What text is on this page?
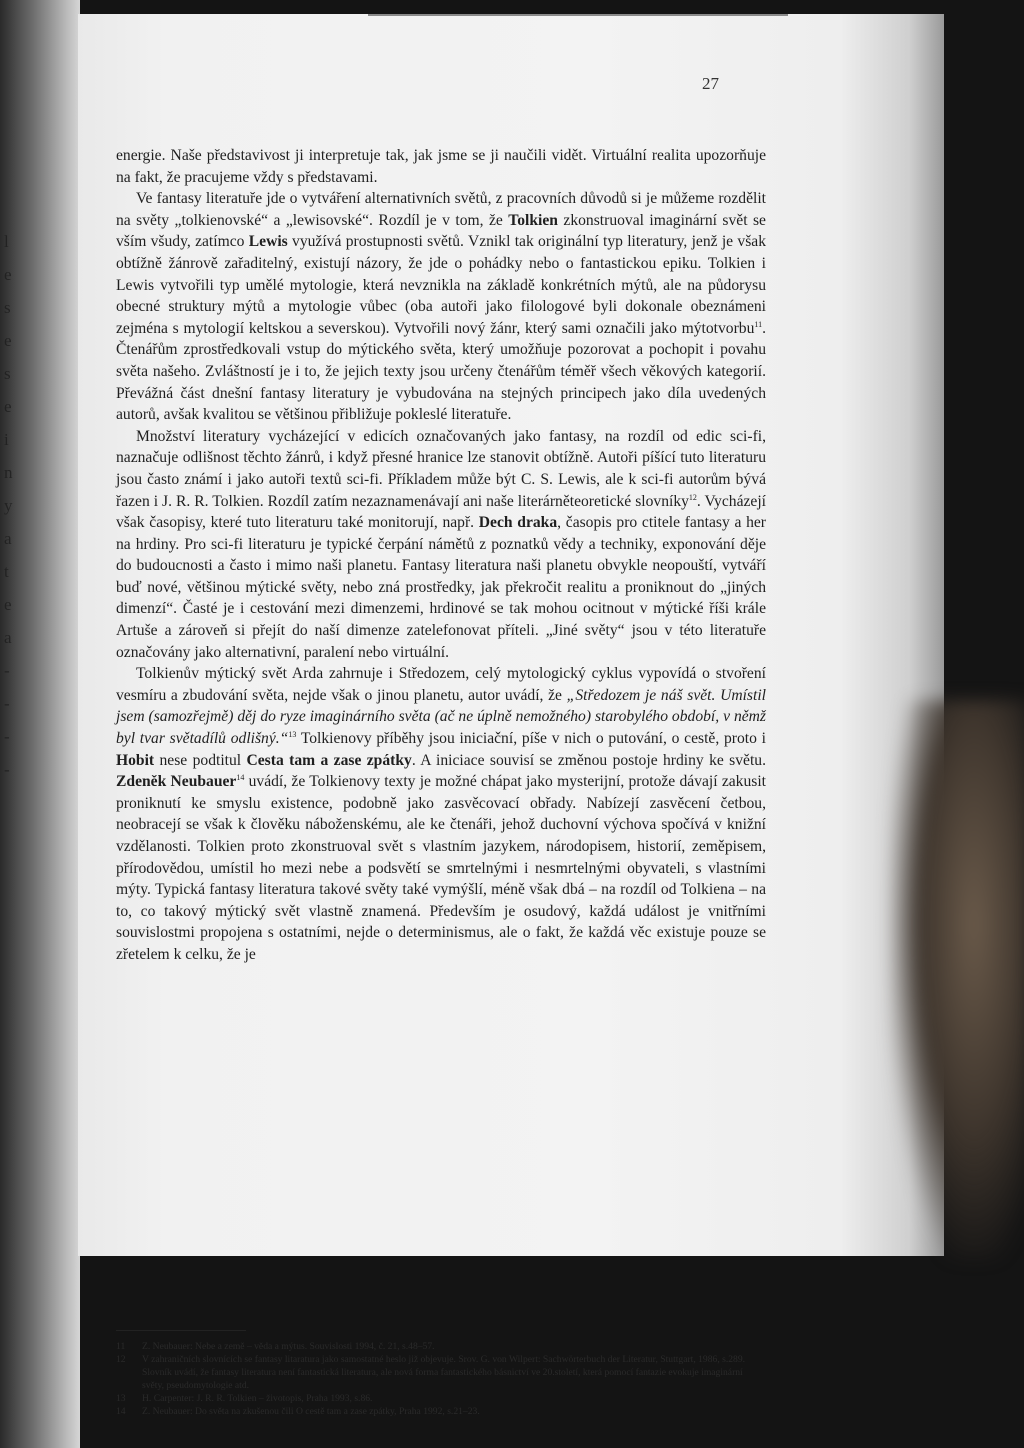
l
e
s
e
s
e
i
n
y
a
t
e
a
-
-
-
-
27

energie. Naše představivost ji interpretuje tak, jak jsme se ji naučili vidět. Virtuální realita upozorňuje na fakt, že pracujeme vždy s představami.

Ve fantasy literatuře jde o vytváření alternativních světů, z pracovních důvodů si je můžeme rozdělit na světy „tolkienovské“ a „lewisovské“. Rozdíl je v tom, že Tolkien zkonstruoval imaginární svět se vším všudy, zatímco Lewis využívá prostupnosti světů. Vznikl tak originální typ literatury, jenž je však obtížně žánrově zařaditelný, existují názory, že jde o pohádky nebo o fantastickou epiku. Tolkien i Lewis vytvořili typ umělé mytologie, která nevznikla na základě konkrétních mýtů, ale na půdorysu obecné struktury mýtů a mytologie vůbec (oba autoři jako filologové byli dokonale obeznámeni zejména s mytologií keltskou a severskou). Vytvořili nový žánr, který sami označili jako mýtotvorbu$^{11}$. Čtenářům zprostředkovali vstup do mýtického světa, který umožňuje pozorovat a pochopit i povahu světa našeho. Zvláštností je i to, že jejich texty jsou určeny čtenářům téměř všech věkových kategorií. Převážná část dnešní fantasy literatury je vybudována na stejných principech jako díla uvedených autorů, avšak kvalitou se většinou přibližuje pokleslé literatuře.

Množství literatury vycházející v edicích označovaných jako fantasy, na rozdíl od edic sci-fi, naznačuje odlišnost těchto žánrů, i když přesné hranice lze stanovit obtížně. Autoři píšící tuto literaturu jsou často známí i jako autoři textů sci-fi. Příkladem může být C. S. Lewis, ale k sci-fi autorům bývá řazen i J. R. R. Tolkien. Rozdíl zatím nezaznamenávají ani naše literárněteoretické slovníky$^{12}$. Vycházejí však časopisy, které tuto literaturu také monitorují, např. Dech draka, časopis pro ctitele fantasy a her na hrdiny. Pro sci-fi literaturu je typické čerpání námětů z poznatků vědy a techniky, exponování děje do budoucnosti a často i mimo naši planetu. Fantasy literatura naši planetu obvykle neopouští, vytváří buď nové, většinou mýtické světy, nebo zná prostředky, jak překročit realitu a proniknout do „jiných dimenzí“. Časté je i cestování mezi dimenzemi, hrdinové se tak mohou ocitnout v mýtické říši krále Artuše a zároveň si přejít do naší dimenze zatelefonovat příteli. „Jiné světy“ jsou v této literatuře označovány jako alternativní, paralení nebo virtuální.

Tolkienův mýtický svět Arda zahrnuje i Středozem, celý mytologický cyklus vypovídá o stvoření vesmíru a zbudování světa, nejde však o jinou planetu, autor uvádí, že „Středozem je náš svět. Umístil jsem (samozřejmě) děj do ryze imaginárního světa (ač ne úplně nemožného) starobylého období, v němž byl tvar světadílů odlišný.“$^{13}$ Tolkienovy příběhy jsou iniciační, píše v nich o putování, o cestě, proto i Hobit nese podtitul Cesta tam a zase zpátky. A iniciace souvisí se změnou postoje hrdiny ke světu. Zdeněk Neubauer$^{14}$ uvádí, že Tolkienovy texty je možné chápat jako mysterijní, protože dávají zakusit proniknutí ke smyslu existence, podobně jako zasvěcovací obřady. Nabízejí zasvěcení četbou, neobracejí se však k člověku náboženskému, ale ke čtenáři, jehož duchovní výchova spočívá v knižní vzdělanosti. Tolkien proto zkonstruoval svět s vlastním jazykem, národopisem, historií, zeměpisem, přírodovědou, umístil ho mezi nebe a podsvětí se smrtelnými i nesmrtelnými obyvateli, s vlastními mýty. Typická fantasy literatura takové světy také vymýšlí, méně však dbá – na rozdíl od Tolkiena – na to, co takový mýtický svět vlastně znamená. Především je osudový, každá událost je vnitřními souvislostmi propojena s ostatními, nejde o determinismus, ale o fakt, že každá věc existuje pouze se zřetelem k celku, že je

11	Z. Neubauer: Nebe a země – věda a mýtus. Souvislosti 1994, č. 21, s.48–57.
12	V zahraničních slovnících se fantasy litaratura jako samostatné heslo již objevuje. Srov. G. von Wilpert: Sachwörterbuch der Literatur, Stuttgart, 1986, s.289. Slovník uvádí, že fantasy literatura není fantastická literatura, ale nová forma fantastického básnictví ve 20.století, která pomocí fantazie evokuje imaginární světy, pseudomytologie atd.
13	H. Carpenter: J. R. R. Tolkien – životopis, Praha 1993, s.86.
14	Z. Neubauer: Do světa na zkušenou čili O cestě tam a zase zpátky, Praha 1992, s.21–23.
